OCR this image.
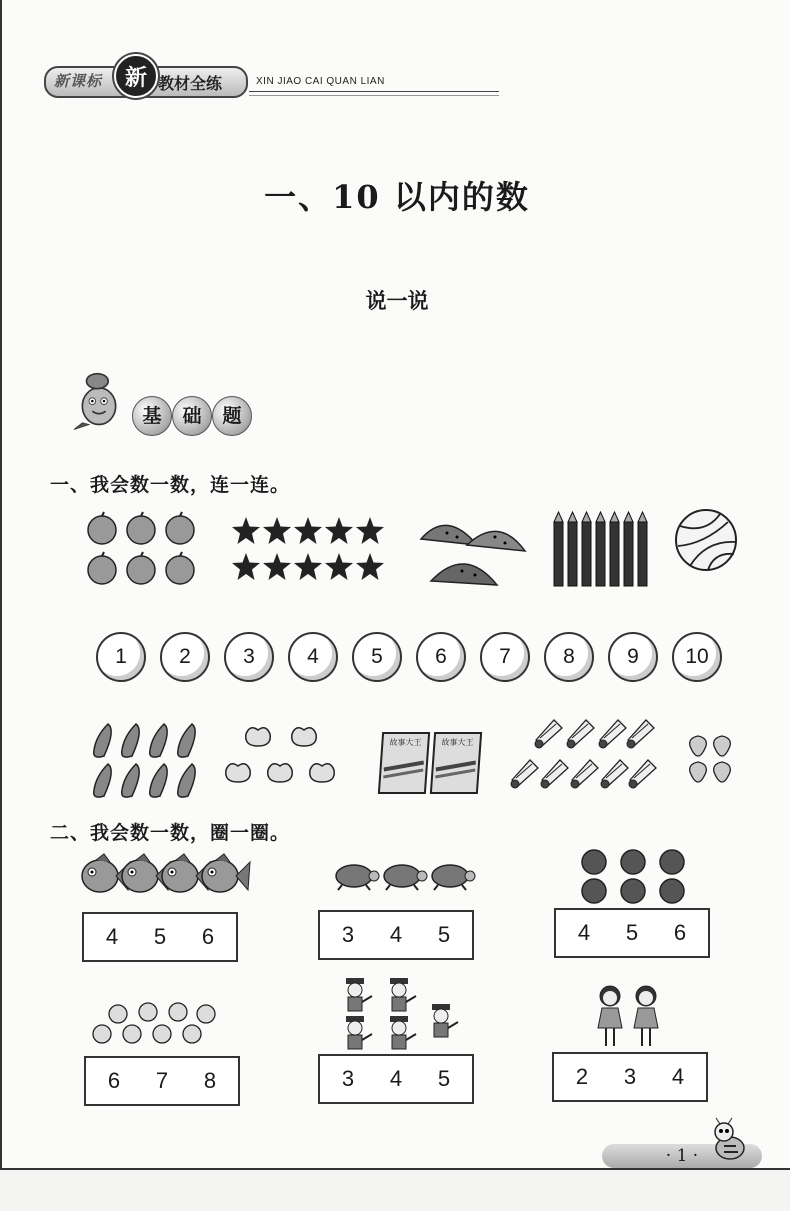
新课标	教材全练
新	XIN JIAO CAI QUAN LIAN
一、10 以内的数
说一说
基	础	题
一、我会数一数，连一连。
1	2	3	4	5	6	7	8	9	10
故事大王	故事大王
二、我会数一数，圈一圈。
4 5 6	3 4 5	4 5 6
6 7 8	3 4 5	2 3 4
· 1 ·
